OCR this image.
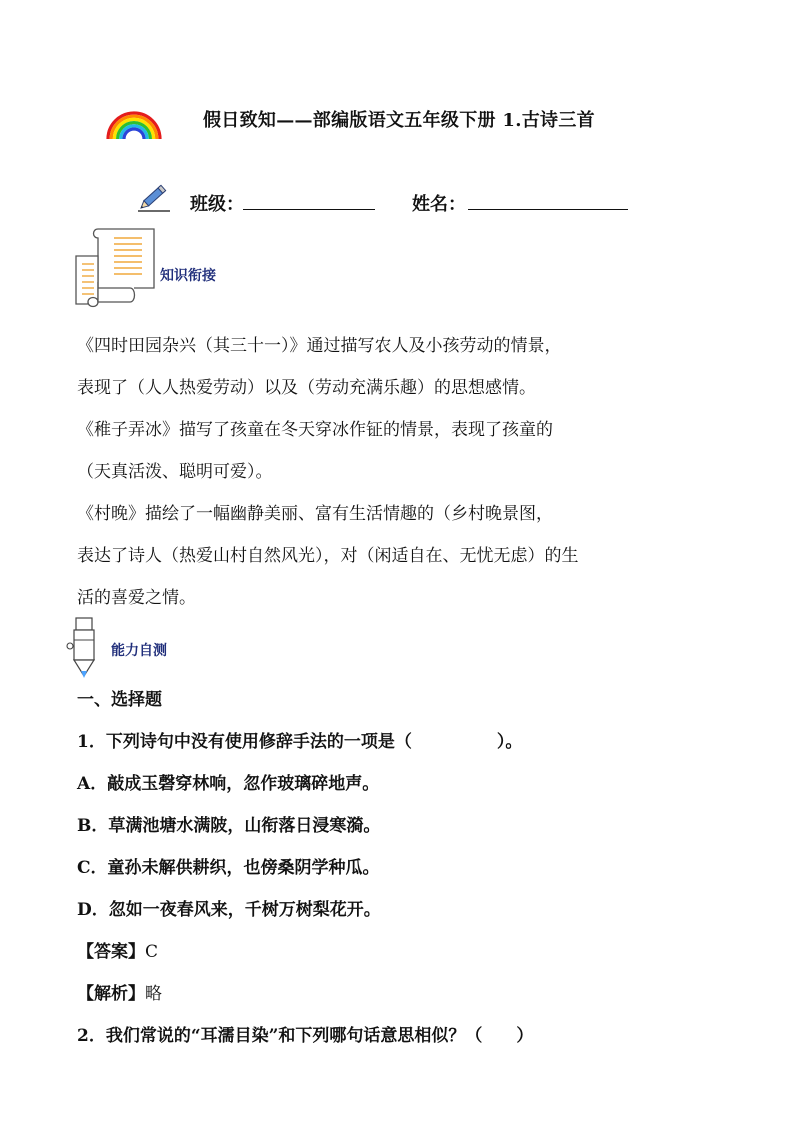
假日致知——部编版语文五年级下册 1.古诗三首
班级：	姓名：
知识衔接
《四时田园杂兴（其三十一）》通过描写农人及小孩劳动的情景，
表现了（人人热爱劳动）以及（劳动充满乐趣）的思想感情。
《稚子弄冰》描写了孩童在冬天穿冰作钲的情景，表现了孩童的
（天真活泼、聪明可爱）。
《村晚》描绘了一幅幽静美丽、富有生活情趣的（乡村晚景图，
表达了诗人（热爱山村自然风光），对（闲适自在、无忧无虑）的生
活的喜爱之情。
能力自测
一、选择题
1．下列诗句中没有使用修辞手法的一项是（　　　　　）。
A．敲成玉磬穿林响，忽作玻璃碎地声。
B．草满池塘水满陂，山衔落日浸寒漪。
C．童孙未解供耕织，也傍桑阴学种瓜。
D．忽如一夜春风来，千树万树梨花开。
【答案】C
【解析】略
2．我们常说的“耳濡目染”和下列哪句话意思相似？（　　）
